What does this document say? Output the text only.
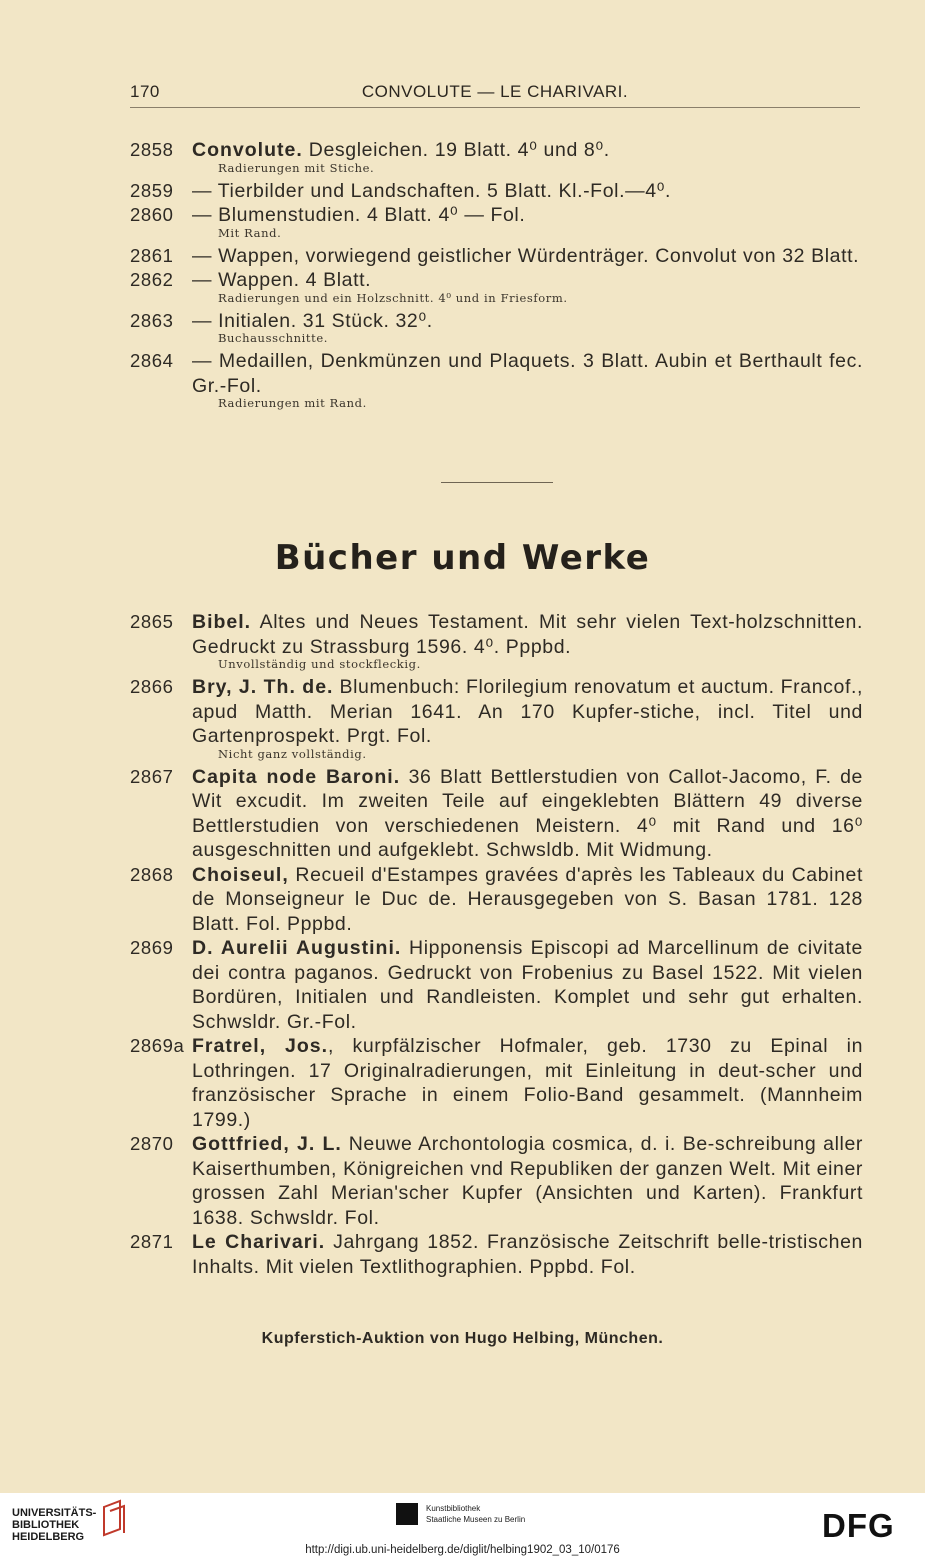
170	CONVOLUTE — LE CHARIVARI.
2858 Convolute. Desgleichen. 19 Blatt. 4⁰ und 8⁰.
Radierungen mit Stiche.
2859 — Tierbilder und Landschaften. 5 Blatt. Kl.-Fol.—4⁰.
2860 — Blumenstudien. 4 Blatt. 4⁰ — Fol.
Mit Rand.
2861 — Wappen, vorwiegend geistlicher Würdenträger. Convolut von 32 Blatt.
2862 — Wappen. 4 Blatt.
Radierungen und ein Holzschnitt. 4⁰ und in Friesform.
2863 — Initialen. 31 Stück. 32⁰.
Buchausschnitte.
2864 — Medaillen, Denkmünzen und Plaquets. 3 Blatt. Aubin et Berthault fec. Gr.-Fol.
Radierungen mit Rand.
Bücher und Werke
2865 Bibel. Altes und Neues Testament. Mit sehr vielen Text-holzschnitten. Gedruckt zu Strassburg 1596. 4⁰. Pppbd.
Unvollständig und stockfleckig.
2866 Bry, J. Th. de. Blumenbuch: Florilegium renovatum et auctum. Francof., apud Matth. Merian 1641. An 170 Kupfer-stiche, incl. Titel und Gartenprospekt. Prgt. Fol.
Nicht ganz vollständig.
2867 Capita node Baroni. 36 Blatt Bettlerstudien von Callot-Jacomo, F. de Wit excudit. Im zweiten Teile auf eingeklebten Blättern 49 diverse Bettlerstudien von verschiedenen Meistern. 4⁰ mit Rand und 16⁰ ausgeschnitten und aufgeklebt. Schwsldb. Mit Widmung.
2868 Choiseul, Recueil d'Estampes gravées d'après les Tableaux du Cabinet de Monseigneur le Duc de. Herausgegeben von S. Basan 1781. 128 Blatt. Fol. Pppbd.
2869 D. Aurelii Augustini. Hipponensis Episcopi ad Marcellinum de civitate dei contra paganos. Gedruckt von Frobenius zu Basel 1522. Mit vielen Bordüren, Initialen und Randleisten. Komplet und sehr gut erhalten. Schwsldr. Gr.-Fol.
2869a Fratrel, Jos., kurpfälzischer Hofmaler, geb. 1730 zu Epinal in Lothringen. 17 Originalradierungen, mit Einleitung in deut-scher und französischer Sprache in einem Folio-Band gesammelt. (Mannheim 1799.)
2870 Gottfried, J. L. Neuwe Archontologia cosmica, d. i. Be-schreibung aller Kaiserthumben, Königreichen vnd Republiken der ganzen Welt. Mit einer grossen Zahl Merian'scher Kupfer (Ansichten und Karten). Frankfurt 1638. Schwsldr. Fol.
2871 Le Charivari. Jahrgang 1852. Französische Zeitschrift belle-tristischen Inhalts. Mit vielen Textlithographien. Pppbd. Fol.
Kupferstich-Auktion von Hugo Helbing, München.
UNIVERSITÄTS-
BIBLIOTHEK
HEIDELBERG
Kunstbibliothek
Staatliche Museen zu Berlin	DFG
http://digi.ub.uni-heidelberg.de/diglit/helbing1902_03_10/0176
